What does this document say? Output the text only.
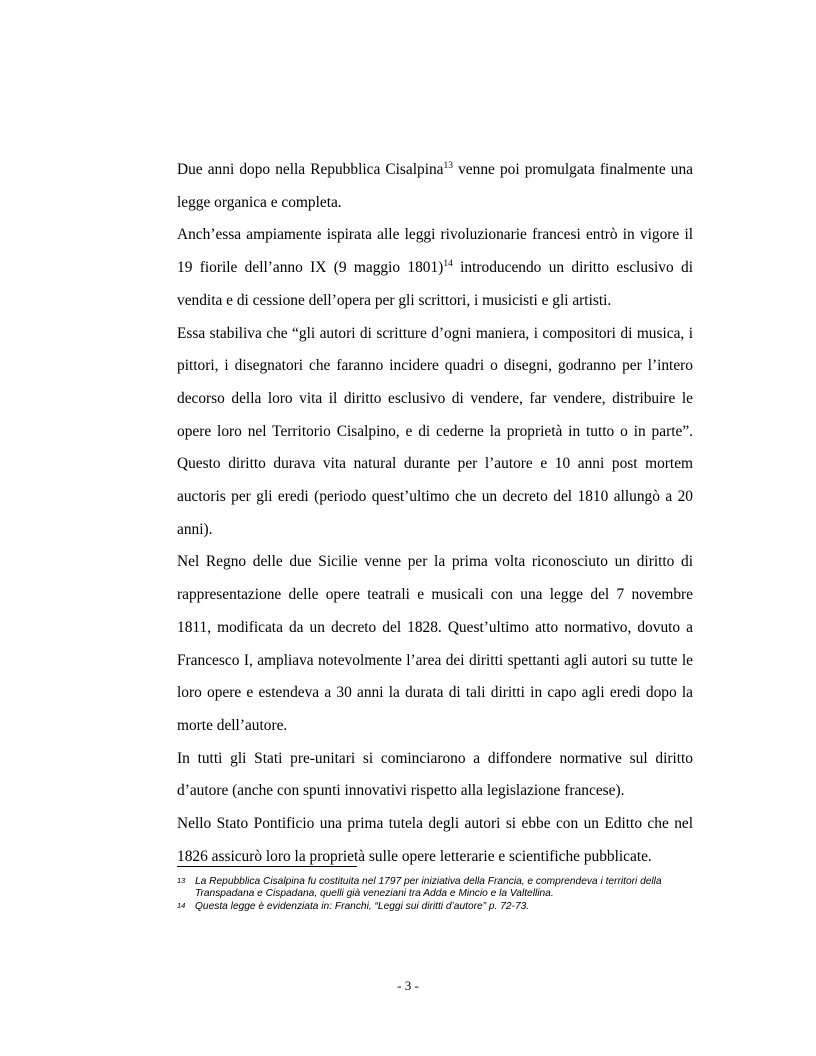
Due anni dopo nella Repubblica Cisalpina$^{13}$ venne poi promulgata finalmente una legge organica e completa.

Anch’essa ampiamente ispirata alle leggi rivoluzionarie francesi entrò in vigore il 19 fiorile dell’anno IX (9 maggio 1801)$^{14}$ introducendo un diritto esclusivo di vendita e di cessione dell’opera per gli scrittori, i musicisti e gli artisti.

Essa stabiliva che “gli autori di scritture d’ogni maniera, i compositori di musica, i pittori, i disegnatori che faranno incidere quadri o disegni, godranno per l’intero decorso della loro vita il diritto esclusivo di vendere, far vendere, distribuire le opere loro nel Territorio Cisalpino, e di cederne la proprietà in tutto o in parte”. Questo diritto durava vita natural durante per l’autore e 10 anni post mortem auctoris per gli eredi (periodo quest’ultimo che un decreto del 1810 allungò a 20 anni).

Nel Regno delle due Sicilie venne per la prima volta riconosciuto un diritto di rappresentazione delle opere teatrali e musicali con una legge del 7 novembre 1811, modificata da un decreto del 1828. Quest’ultimo atto normativo, dovuto a Francesco I, ampliava notevolmente l’area dei diritti spettanti agli autori su tutte le loro opere e estendeva a 30 anni la durata di tali diritti in capo agli eredi dopo la morte dell’autore.

In tutti gli Stati pre-unitari si cominciarono a diffondere normative sul diritto d’autore (anche con spunti innovativi rispetto alla legislazione francese).

Nello Stato Pontificio una prima tutela degli autori si ebbe con un Editto che nel 1826 assicurò loro la proprietà sulle opere letterarie e scientifiche pubblicate.

13 La Repubblica Cisalpina fu costituita nel 1797 per iniziativa della Francia, e comprendeva i territori della Transpadana e Cispadana, quelli già veneziani tra Adda e Mincio e la Valtellina.
14 Questa legge è evidenziata in: Franchi, “Leggi sui diritti d’autore” p. 72-73.
- 3 -
